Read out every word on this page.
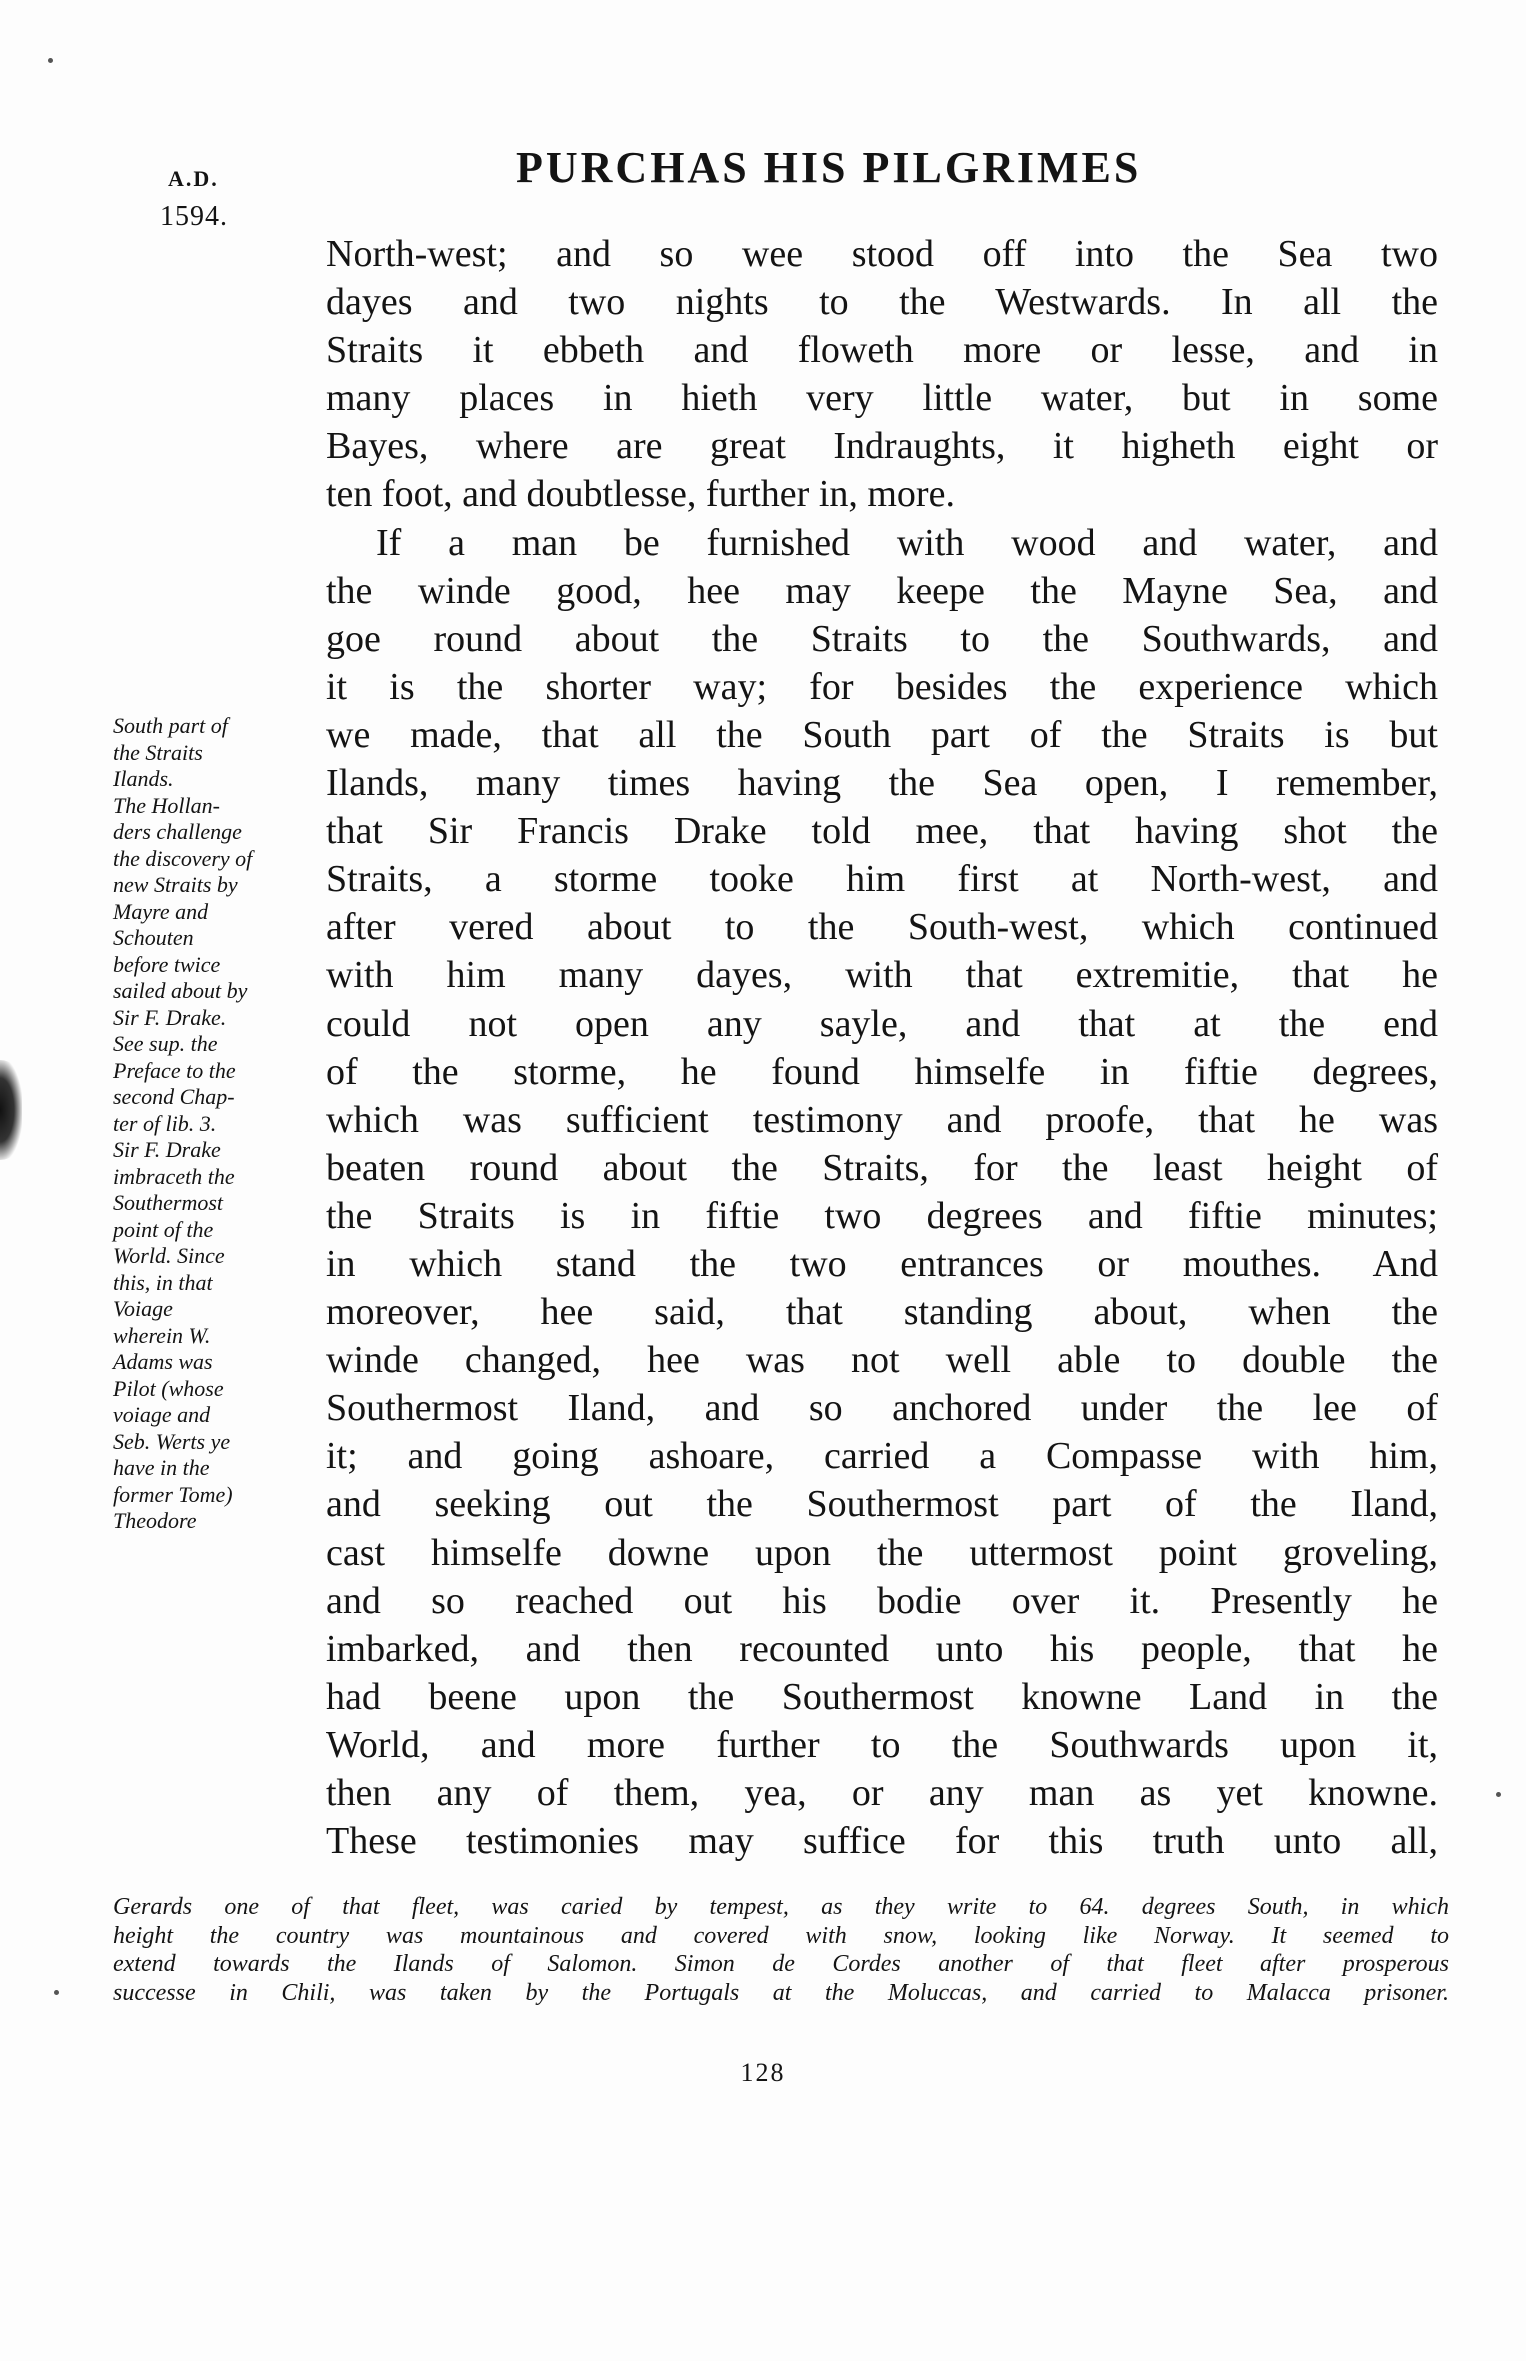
A.D.
1594.
PURCHAS HIS PILGRIMES
North-west; and so wee stood off into the Sea two
dayes and two nights to the Westwards. In all the
Straits it ebbeth and floweth more or lesse, and in
many places in hieth very little water, but in some
Bayes, where are great Indraughts, it higheth eight or
ten foot, and doubtlesse, further in, more.
If a man be furnished with wood and water, and
the winde good, hee may keepe the Mayne Sea, and
goe round about the Straits to the Southwards, and
it is the shorter way; for besides the experience which
we made, that all the South part of the Straits is but
Ilands, many times having the Sea open, I remember,
that Sir Francis Drake told mee, that having shot the
Straits, a storme tooke him first at North-west, and
after vered about to the South-west, which continued
with him many dayes, with that extremitie, that he
could not open any sayle, and that at the end
of the storme, he found himselfe in fiftie degrees,
which was sufficient testimony and proofe, that he was
beaten round about the Straits, for the least height of
the Straits is in fiftie two degrees and fiftie minutes;
in which stand the two entrances or mouthes. And
moreover, hee said, that standing about, when the
winde changed, hee was not well able to double the
Southermost Iland, and so anchored under the lee of
it; and going ashoare, carried a Compasse with him,
and seeking out the Southermost part of the Iland,
cast himselfe downe upon the uttermost point groveling,
and so reached out his bodie over it. Presently he
imbarked, and then recounted unto his people, that he
had beene upon the Southermost knowne Land in the
World, and more further to the Southwards upon it,
then any of them, yea, or any man as yet knowne.
These testimonies may suffice for this truth unto all,
South part of
the Straits
Ilands.
The Hollan-
ders challenge
the discovery of
new Straits by
Mayre and
Schouten
before twice
sailed about by
Sir F. Drake.
See sup. the
Preface to the
second Chap-
ter of lib. 3.
Sir F. Drake
imbraceth the
Southermost
point of the
World. Since
this, in that
Voiage
wherein W.
Adams was
Pilot (whose
voiage and
Seb. Werts ye
have in the
former Tome)
Theodore
Gerards one of that fleet, was caried by tempest, as they write to 64. degrees South, in which
height the country was mountainous and covered with snow, looking like Norway. It seemed to
extend towards the Ilands of Salomon. Simon de Cordes another of that fleet after prosperous
successe in Chili, was taken by the Portugals at the Moluccas, and carried to Malacca prisoner.
128
